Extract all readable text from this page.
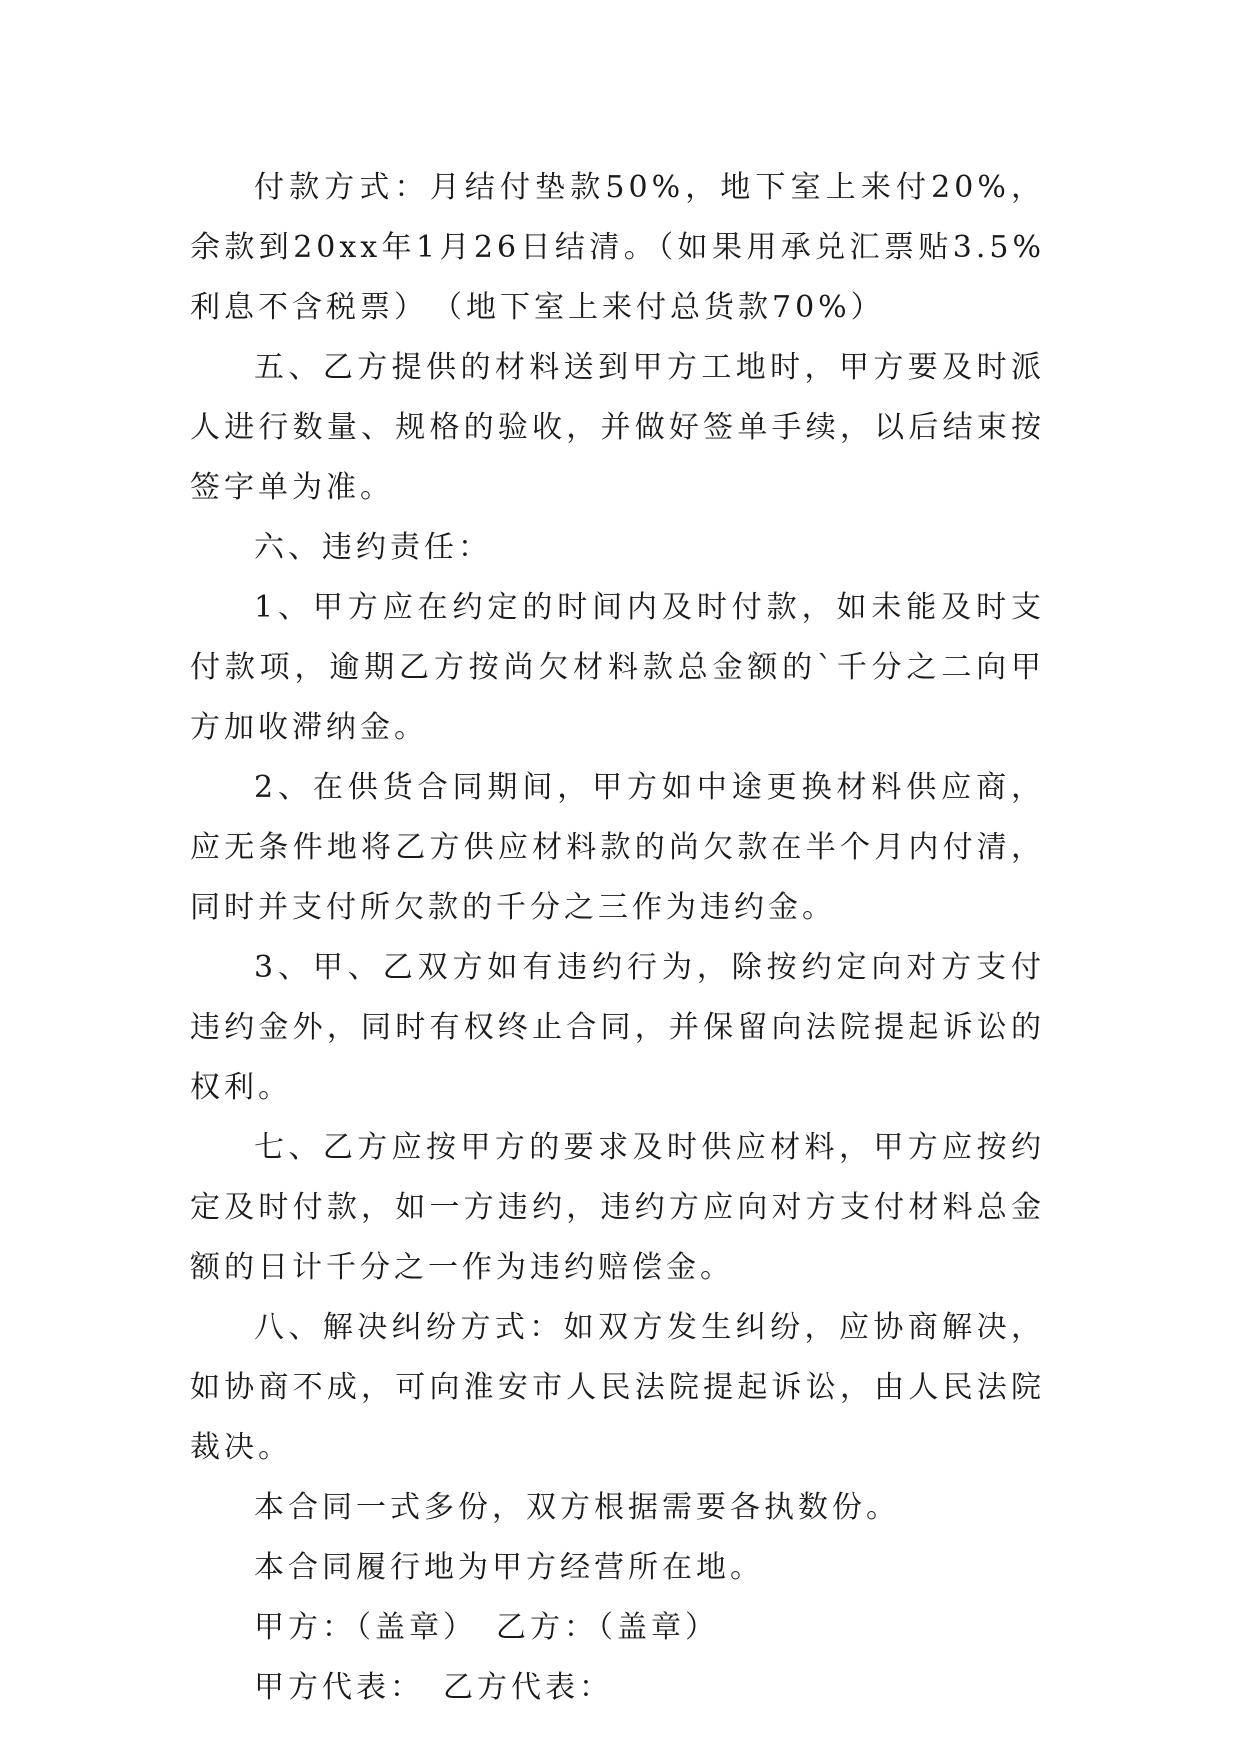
付款方式：月结付垫款50%，地下室上来付20%，余款到20xx年1月26日结清。（如果用承兑汇票贴3.5%利息不含税票）　（地下室上来付总货款70%）

五、乙方提供的材料送到甲方工地时，甲方要及时派人进行数量、规格的验收，并做好签单手续，以后结束按签字单为准。

六、违约责任：

1、甲方应在约定的时间内及时付款，如未能及时支付款项，逾期乙方按尚欠材料款总金额的`千分之二向甲方加收滞纳金。

2、在供货合同期间，甲方如中途更换材料供应商，应无条件地将乙方供应材料款的尚欠款在半个月内付清，同时并支付所欠款的千分之三作为违约金。

3、甲、乙双方如有违约行为，除按约定向对方支付违约金外，同时有权终止合同，并保留向法院提起诉讼的权利。

七、乙方应按甲方的要求及时供应材料，甲方应按约定及时付款，如一方违约，违约方应向对方支付材料总金额的日计千分之一作为违约赔偿金。

八、解决纠纷方式：如双方发生纠纷，应协商解决，如协商不成，可向淮安市人民法院提起诉讼，由人民法院裁决。

本合同一式多份，双方根据需要各执数份。

本合同履行地为甲方经营所在地。

甲方：（盖章）　乙方：（盖章）

甲方代表：　乙方代表：
